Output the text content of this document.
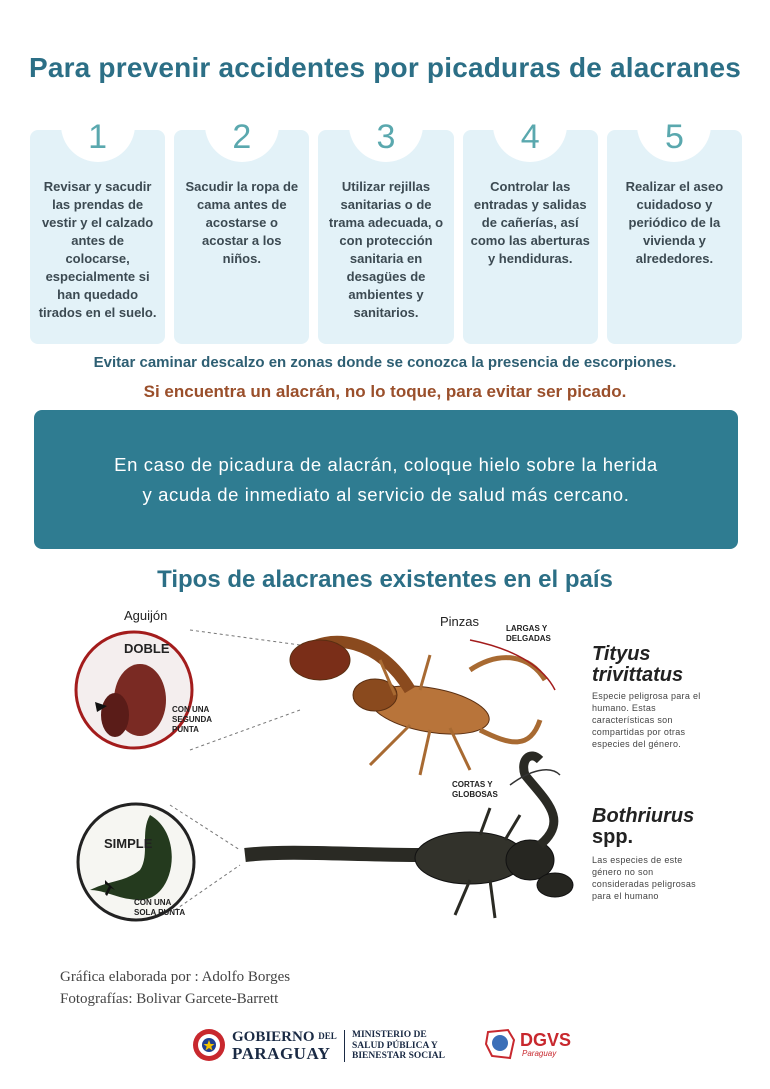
Para prevenir accidentes por picaduras de alacranes
1
Revisar y sacudir las prendas de vestir y el calzado antes de colocarse, especialmente si han quedado tirados en el suelo.
2
Sacudir la ropa de cama antes de acostarse o acostar a los niños.
3
Utilizar rejillas sanitarias o de trama adecuada, o con protección sanitaria en desagües de ambientes y sanitarios.
4
Controlar las entradas y salidas de cañerías, así como las aberturas y hendiduras.
5
Realizar el aseo cuidadoso y periódico de la vivienda y alrededores.
Evitar caminar descalzo en zonas donde se conozca la presencia de escorpiones.
Si encuentra un alacrán, no lo toque, para evitar ser picado.
En caso de picadura de alacrán, coloque hielo sobre la herida
y acuda de inmediato al servicio de salud más cercano.
Tipos de alacranes existentes en el país
Aguijón	Pinzas
DOBLE
CON UNA SEGUNDA PUNTA
SIMPLE
CON UNA SOLA PUNTA
LARGAS Y DELGADAS
CORTAS Y GLOBOSAS
Tityus
trivittatus
Especie peligrosa para el humano. Estas características son compartidas por otras especies del género.
Bothriurus
spp.
Las especies de este género no son consideradas peligrosas para el humano
Gráfica elaborada por : Adolfo Borges
Fotografías: Bolivar Garcete-Barrett
GOBIERNO DEL
PARAGUAY
MINISTERIO DE
SALUD PÚBLICA Y
BIENESTAR SOCIAL
DGVS
Paraguay
